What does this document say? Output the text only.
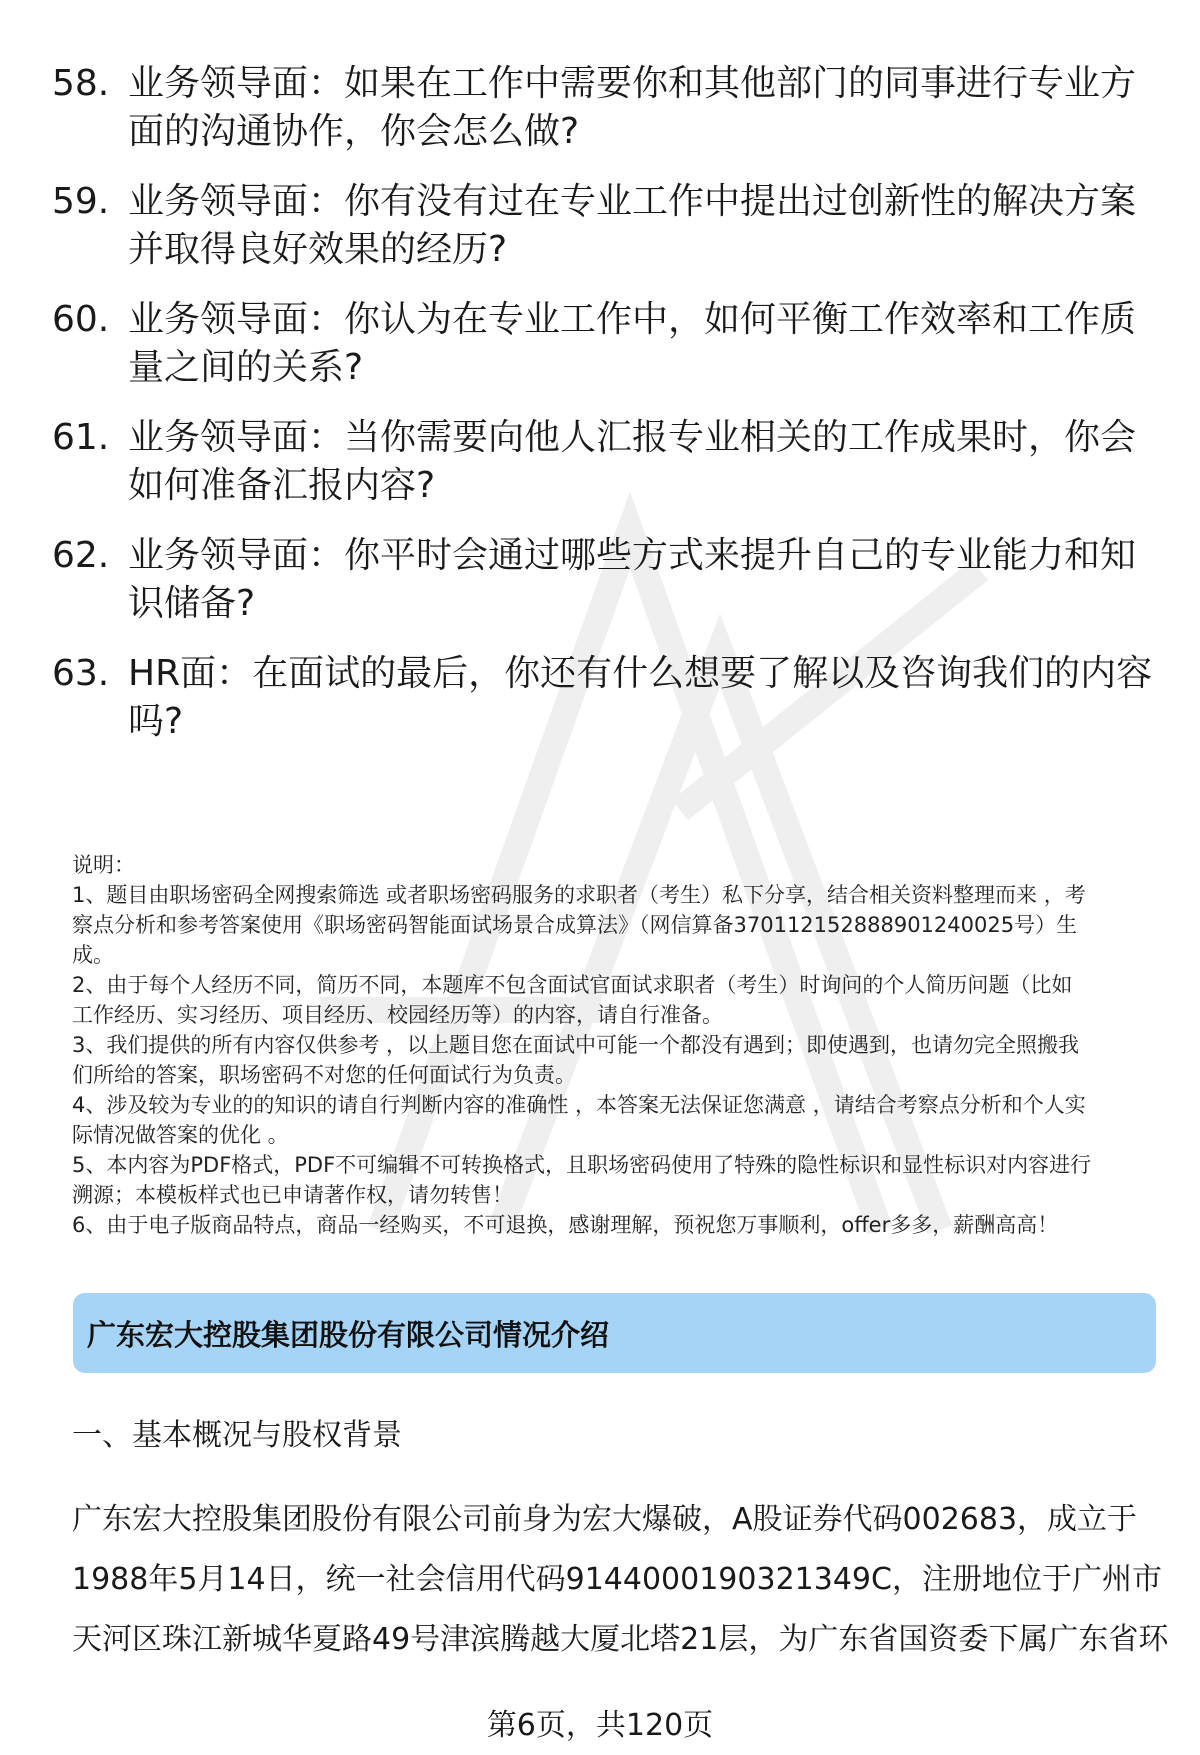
58. 业务领导面：如果在工作中需要你和其他部门的同事进行专业方
面的沟通协作，你会怎么做?
59. 业务领导面：你有没有过在专业工作中提出过创新性的解决方案
并取得良好效果的经历?
60. 业务领导面：你认为在专业工作中，如何平衡工作效率和工作质
量之间的关系?
61. 业务领导面：当你需要向他人汇报专业相关的工作成果时，你会
如何准备汇报内容?
62. 业务领导面：你平时会通过哪些方式来提升自己的专业能力和知
识储备?
63. HR面：在面试的最后，你还有什么想要了解以及咨询我们的内容
吗?

说明：

1、题目由职场密码全网搜索筛选 或者职场密码服务的求职者（考生）私下分享，结合相关资料整理而来 ，考

察点分析和参考答案使用《职场密码智能面试场景合成算法》（网信算备370112152888901240025号）生

成。

2、由于每个人经历不同，简历不同，本题库不包含面试官面试求职者（考生）时询问的个人简历问题（比如

工作经历、实习经历、项目经历、校园经历等）的内容，请自行准备。

3、我们提供的所有内容仅供参考 ，以上题目您在面试中可能一个都没有遇到；即使遇到，也请勿完全照搬我

们所给的答案，职场密码不对您的任何面试行为负责。

4、涉及较为专业的的知识的请自行判断内容的准确性 ，本答案无法保证您满意 ，请结合考察点分析和个人实

际情况做答案的优化 。

5、本内容为PDF格式，PDF不可编辑不可转换格式，且职场密码使用了特殊的隐性标识和显性标识对内容进行

溯源；本模板样式也已申请著作权，请勿转售！

6、由于电子版商品特点，商品一经购买，不可退换，感谢理解，预祝您万事顺利，offer多多，薪酬高高！

广东宏大控股集团股份有限公司情况介绍
一、基本概况与股权背景

广东宏大控股集团股份有限公司前身为宏大爆破，A股证券代码002683，成立于

1988年5月14日，统一社会信用代码9144000190321349C，注册地位于广州市

天河区珠江新城华夏路49号津滨腾越大厦北塔21层，为广东省国资委下属广东省环

第6页，共120页
